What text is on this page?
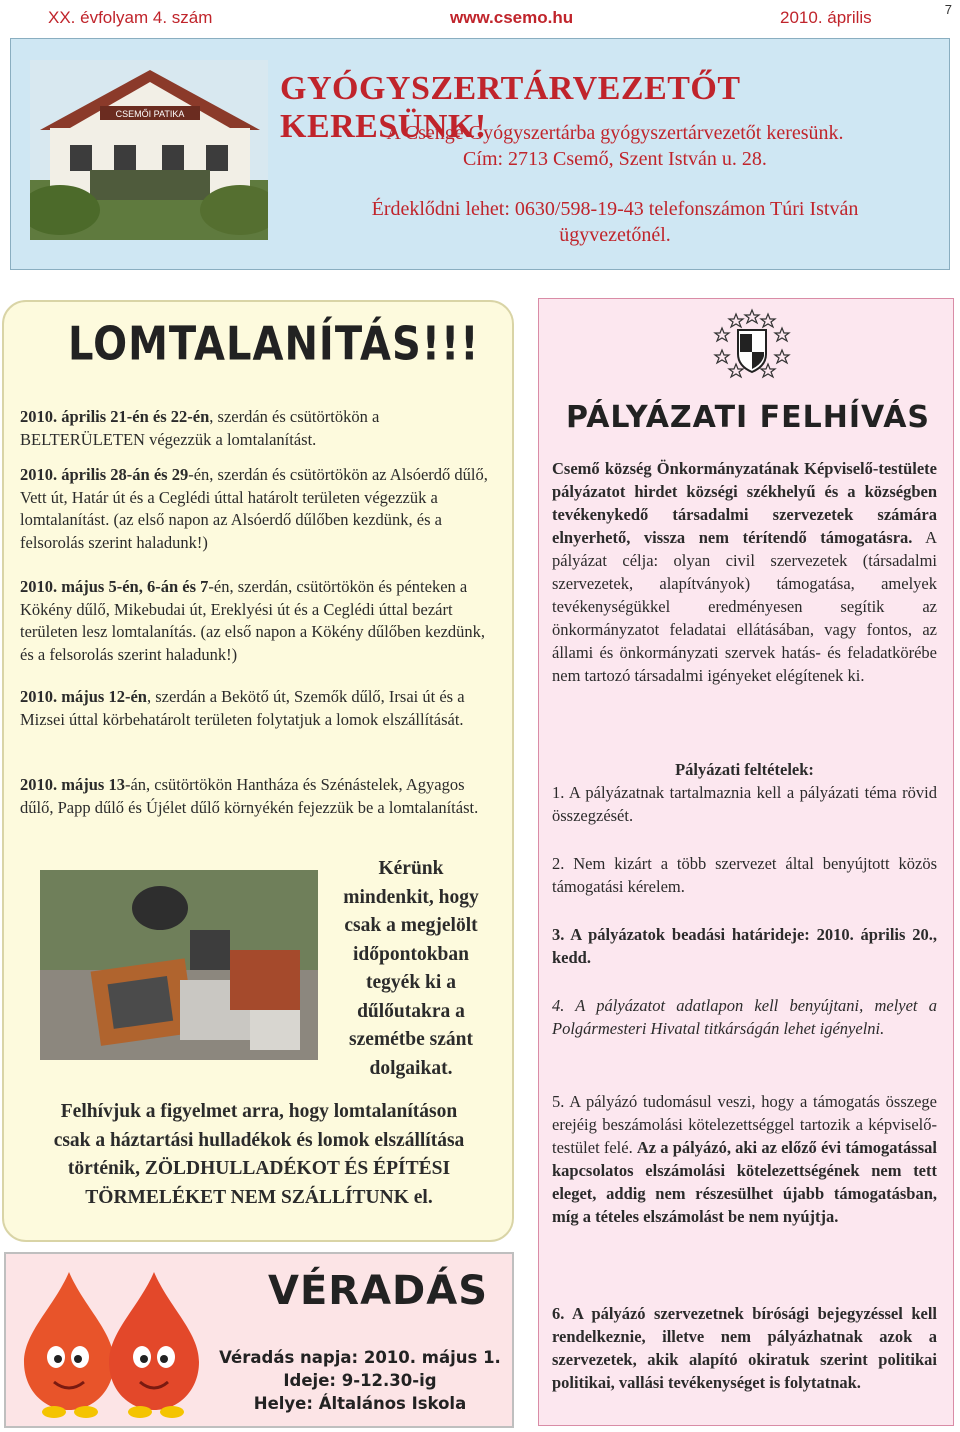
XX. évfolyam 4. szám	www.csemo.hu	2010. április	7
CSEMŐI PATIKA
GYÓGYSZERTÁRVEZETŐT KERESÜNK!
A Csenge Gyógyszertárba gyógyszertárvezetőt keresünk.
Cím: 2713 Csemő, Szent István u. 28.
Érdeklődni lehet: 0630/598-19-43 telefonszámon Túri István
ügyvezetőnél.
LOMTALANÍTÁS!!!
2010. április 21-én és 22-én, szerdán és csütörtökön a BELTERÜLETEN végezzük a lomtalanítást.
2010. április 28-án és 29-én, szerdán és csütörtökön az Alsóerdő dűlő, Vett út, Határ út és a Ceglédi úttal határolt területen végezzük a lomtalanítást. (az első napon az Alsóerdő dűlőben kezdünk, és a felsorolás szerint haladunk!)
2010. május 5-én, 6-án és 7-én, szerdán, csütörtökön és pénteken a Kökény dűlő, Mikebudai út, Ereklyési út és a Ceglédi úttal bezárt területen lesz lomtalanítás. (az első napon a Kökény dűlőben kezdünk, és a felsorolás szerint haladunk!)
2010. május 12-én, szerdán a Bekötő út, Szemők dűlő, Irsai út és a Mizsei úttal körbehatárolt területen folytatjuk a lomok elszállítását.
2010. május 13-án, csütörtökön Hantháza és Szénástelek, Agyagos dűlő, Papp dűlő és Újélet dűlő környékén fejezzük be a lomtalanítást.
Kérünk
mindenkit, hogy
csak a megjelölt
időpontokban
tegyék ki a
dűlőutakra a
szemétbe szánt
dolgaikat.
Felhívjuk a figyelmet arra, hogy lomtalanításon
csak a háztartási hulladékok és lomok elszállítása
történik, ZÖLDHULLADÉKOT ÉS ÉPÍTÉSI
TÖRMELÉKET NEM SZÁLLÍTUNK el.
VÉRADÁS
Véradás napja: 2010. május 1.
Ideje: 9-12.30-ig
Helye: Általános Iskola
PÁLYÁZATI FELHÍVÁS
Csemő község Önkormányzatának Képviselő-testülete pályázatot hirdet községi székhelyű és a községben tevékenykedő társadalmi szervezetek számára elnyerhető, vissza nem térítendő támogatásra. A pályázat célja: olyan civil szervezetek (társadalmi szervezetek, alapítványok) támogatása, amelyek tevékenységükkel eredményesen segítik az önkormányzatot feladatai ellátásában, vagy fontos, az állami és önkormányzati szervek hatás- és feladatkörébe nem tartozó társadalmi igényeket elégítenek ki.
Pályázati feltételek:
1. A pályázatnak tartalmaznia kell a pályázati téma rövid összegzését.
2. Nem kizárt a több szervezet által benyújtott közös támogatási kérelem.
3. A pályázatok beadási határideje: 2010. április 20., kedd.
4. A pályázatot adatlapon kell benyújtani, melyet a Polgármesteri Hivatal titkárságán lehet igényelni.
5. A pályázó tudomásul veszi, hogy a támogatás összege erejéig beszámolási kötelezettséggel tartozik a képviselő-testület felé. Az a pályázó, aki az előző évi támogatással kapcsolatos elszámolási kötelezettségének nem tett eleget, addig nem részesülhet újabb támogatásban, míg a tételes elszámolást be nem nyújtja.
6. A pályázó szervezetnek bírósági bejegyzéssel kell rendelkeznie, illetve nem pályázhatnak azok a szervezetek, akik alapító okiratuk szerint politikai politikai, vallási tevékenységet is folytatnak.
